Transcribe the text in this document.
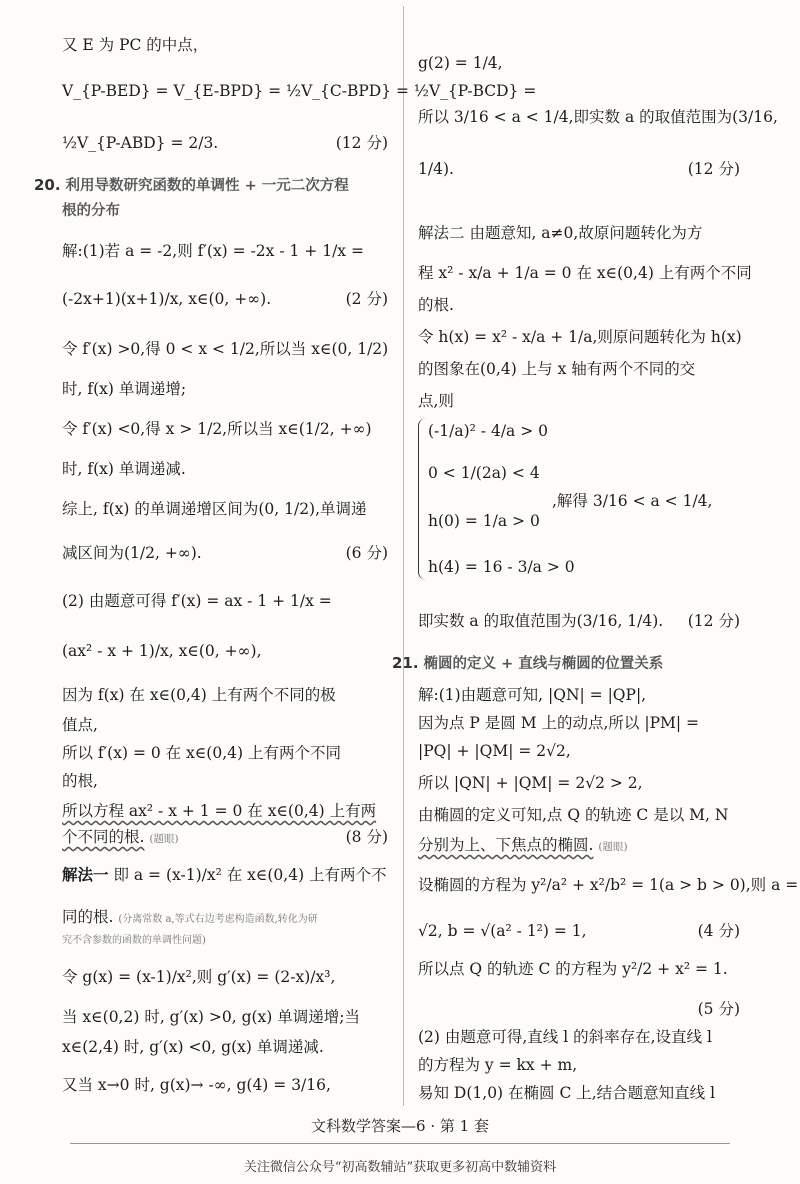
又 E 为 PC 的中点，
V_{P-BED} = V_{E-BPD} = ½V_{C-BPD} = ½V_{P-BCD} =
½V_{P-ABD} = 2/3.	(12 分)
20. 利用导数研究函数的单调性 + 一元二次方程
根的分布
解:(1)若 a = -2,则 f′(x) = -2x - 1 + 1/x =
(-2x+1)(x+1)/x, x∈(0, +∞).	(2 分)
令 f′(x) >0,得 0 < x < 1/2,所以当 x∈(0, 1/2)
时, f(x) 单调递增;
令 f′(x) <0,得 x > 1/2,所以当 x∈(1/2, +∞)
时, f(x) 单调递减.
综上, f(x) 的单调递增区间为(0, 1/2),单调递
减区间为(1/2, +∞).	(6 分)
(2) 由题意可得 f′(x) = ax - 1 + 1/x =
(ax² - x + 1)/x, x∈(0, +∞),
因为 f(x) 在 x∈(0,4) 上有两个不同的极
值点,
所以 f′(x) = 0 在 x∈(0,4) 上有两个不同
的根,
所以方程 ax² - x + 1 = 0 在 x∈(0,4) 上有两
个不同的根. (题眼)	(8 分)
解法一 即 a = (x-1)/x² 在 x∈(0,4) 上有两个不
同的根. (分离常数 a,等式右边考虑构造函数,转化为研
究不含参数的函数的单调性问题)
令 g(x) = (x-1)/x²,则 g′(x) = (2-x)/x³,
当 x∈(0,2) 时, g′(x) >0, g(x) 单调递增;当
x∈(2,4) 时, g′(x) <0, g(x) 单调递减.
又当 x→0 时, g(x)→ -∞, g(4) = 3/16,
g(2) = 1/4,
所以 3/16 < a < 1/4,即实数 a 的取值范围为(3/16,
1/4).	(12 分)
解法二 由题意知, a≠0,故原问题转化为方
程 x² - x/a + 1/a = 0 在 x∈(0,4) 上有两个不同
的根.
令 h(x) = x² - x/a + 1/a,则原问题转化为 h(x)
的图象在(0,4) 上与 x 轴有两个不同的交
点,则
(-1/a)² - 4/a > 0
0 < 1/(2a) < 4
h(0) = 1/a > 0
h(4) = 16 - 3/a > 0
,解得 3/16 < a < 1/4,
即实数 a 的取值范围为(3/16, 1/4). (12 分)
21. 椭圆的定义 + 直线与椭圆的位置关系
解:(1)由题意可知, |QN| = |QP|,
因为点 P 是圆 M 上的动点,所以 |PM| =
|PQ| + |QM| = 2√2,
所以 |QN| + |QM| = 2√2 > 2,
由椭圆的定义可知,点 Q 的轨迹 C 是以 M, N
分别为上、下焦点的椭圆. (题眼)
设椭圆的方程为 y²/a² + x²/b² = 1(a > b > 0),则 a =
√2, b = √(a² - 1²) = 1,	(4 分)
所以点 Q 的轨迹 C 的方程为 y²/2 + x² = 1.
(5 分)
(2) 由题意可得,直线 l 的斜率存在,设直线 l
的方程为 y = kx + m,
易知 D(1,0) 在椭圆 C 上,结合题意知直线 l
文科数学答案—6 · 第 1 套
关注微信公众号“初高数辅站”获取更多初高中数辅资料
